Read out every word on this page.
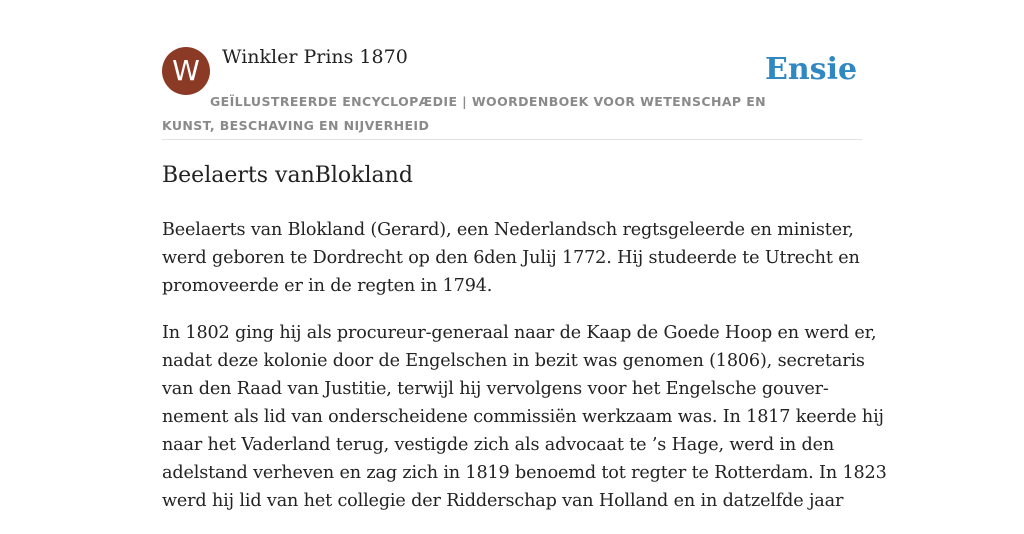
W Winkler Prins 1870	Ensie
GEÏLLUSTREERDE ENCYCLOPÆDIE | WOORDENBOEK VOOR WETENSCHAP EN KUNST, BESCHAVING EN NIJVERHEID
Beelaerts vanBlokland

Beelaerts van Blokland (Gerard), een Nederlandsch regtsgeleerde en minister,
werd geboren te Dordrecht op den 6den Julij 1772. Hij studeerde te Utrecht en
promoveerde er in de regten in 1794.

In 1802 ging hij als procureur-generaal naar de Kaap de Goede Hoop en werd er,
nadat deze kolonie door de Engelschen in bezit was genomen (1806), secretaris
van den Raad van Justitie, terwijl hij vervolgens voor het Engelsche gouver-
nement als lid van onderscheidene commissiën werkzaam was. In 1817 keerde hij
naar het Vaderland terug, vestigde zich als advocaat te ’s Hage, werd in den
adelstand verheven en zag zich in 1819 benoemd tot regter te Rotterdam. In 1823
werd hij lid van het collegie der Ridderschap van Holland en in datzelfde jaar
